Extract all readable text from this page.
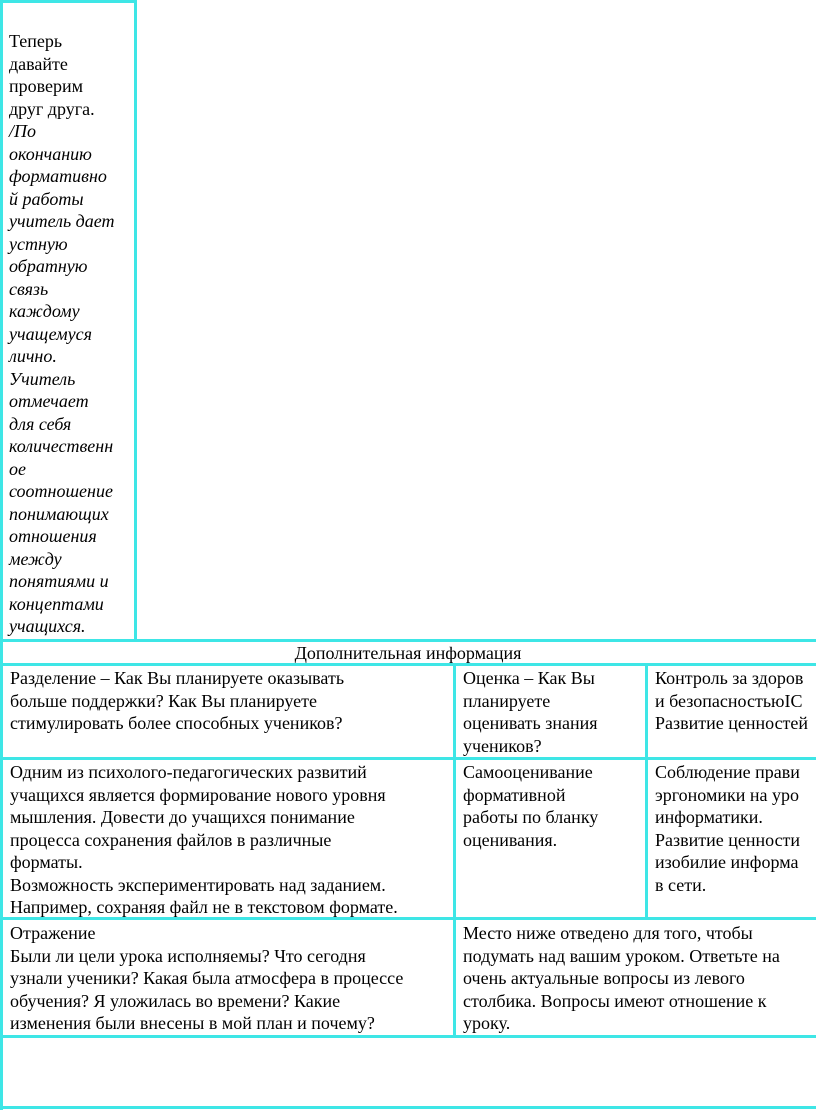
Теперь
давайте
проверим
друг друга.
/По
окончанию
формативно
й работы
учитель дает
устную
обратную
связь
каждому
учащемуся
лично.
Учитель
отмечает
для себя
количественн
ое
соотношение
понимающих
отношения
между
понятиями и
концептами
учащихся.
Дополнительная информация
Разделение – Как Вы планируете оказывать
больше поддержки? Как Вы планируете
стимулировать более способных учеников?
Оценка – Как Вы
планируете
оценивать знания
учеников?
Контроль за здоров
и безопасностьюIC
Развитие ценностей
Одним из психолого-педагогических развитий
учащихся является формирование нового уровня
мышления. Довести до учащихся понимание
процесса сохранения файлов в различные
форматы.
Возможность экспериментировать над заданием.
Например, сохраняя файл не в текстовом формате.
Самооценивание
формативной
работы по бланку
оценивания.
Соблюдение прави
эргономики на уро
информатики.
Развитие ценности
изобилие информа
в сети.
Отражение
Были ли цели урока исполняемы? Что сегодня
узнали ученики? Какая была атмосфера в процессе
обучения? Я уложилась во времени? Какие
изменения были внесены в мой план и почему?
Место ниже отведено для того, чтобы
подумать над вашим уроком. Ответьте на
очень актуальные вопросы из левого
столбика. Вопросы имеют отношение к
уроку.
